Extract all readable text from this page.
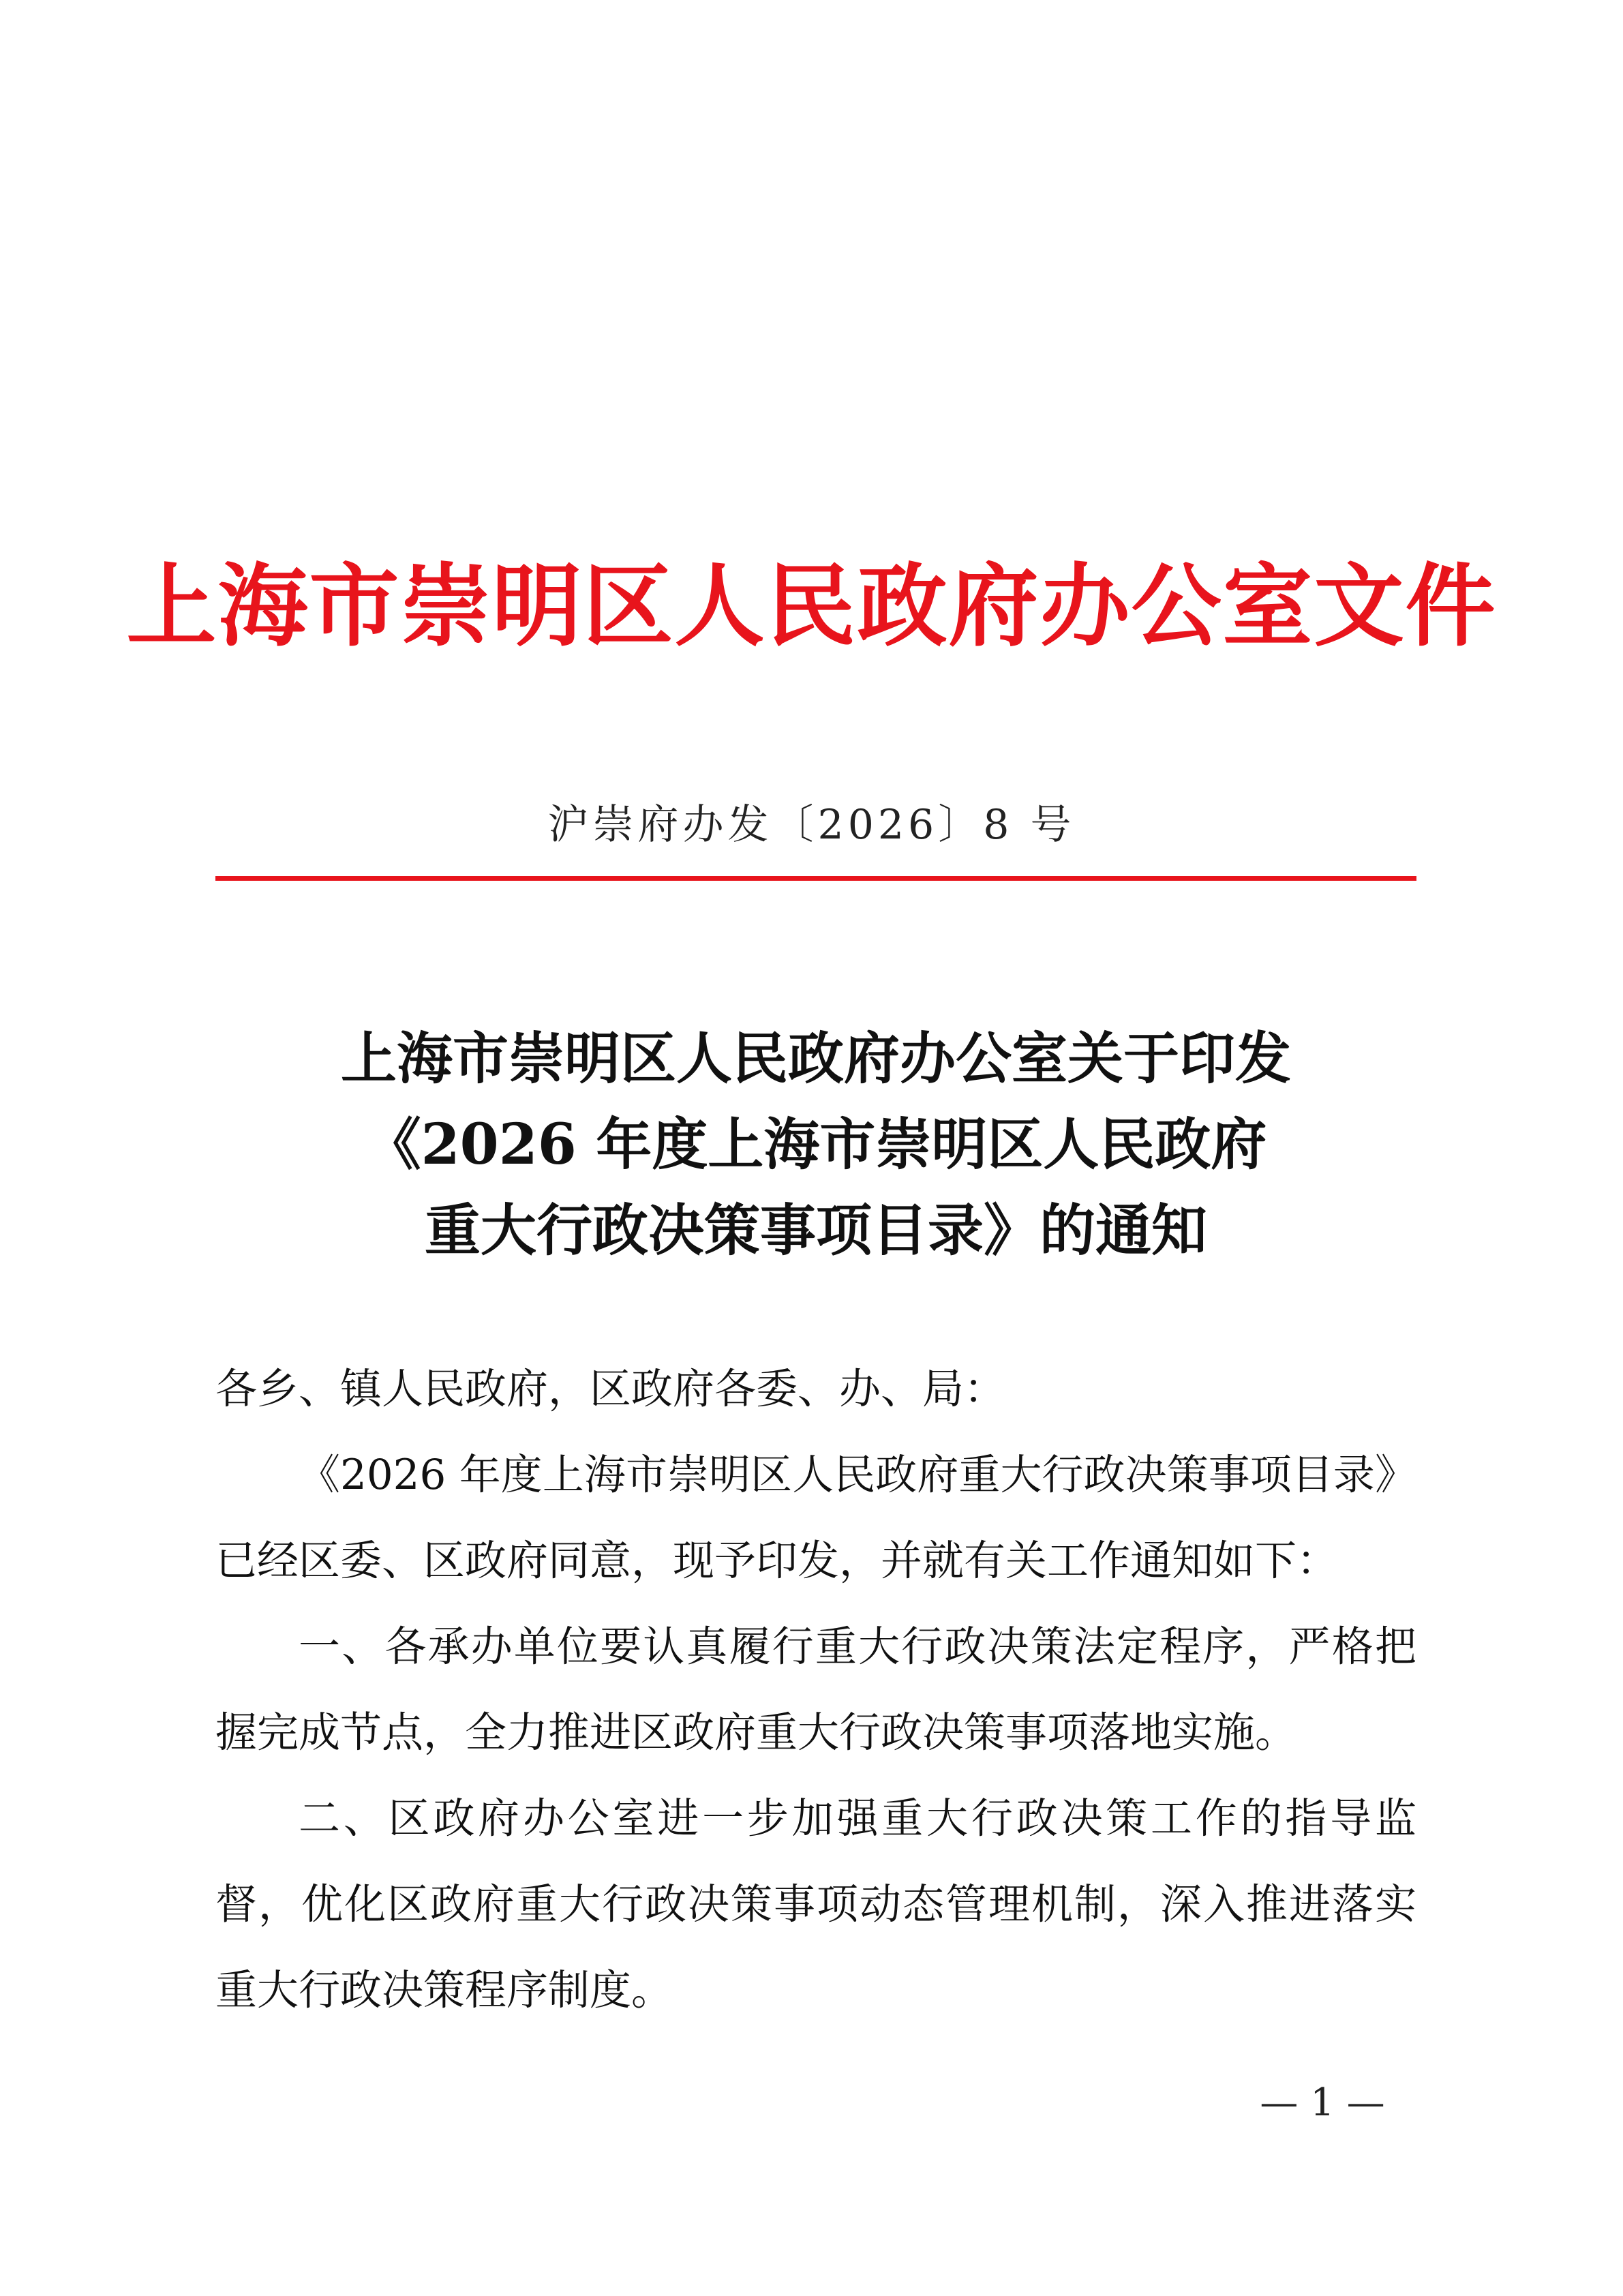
上海市崇明区人民政府办公室文件
沪崇府办发〔2026〕8 号
上海市崇明区人民政府办公室关于印发
《2026 年度上海市崇明区人民政府
重大行政决策事项目录》的通知

各乡、镇人民政府，区政府各委、办、局：

《2026 年度上海市崇明区人民政府重大行政决策事项目录》已经区委、区政府同意，现予印发，并就有关工作通知如下：

一、各承办单位要认真履行重大行政决策法定程序，严格把握完成节点，全力推进区政府重大行政决策事项落地实施。

二、区政府办公室进一步加强重大行政决策工作的指导监督，优化区政府重大行政决策事项动态管理机制，深入推进落实重大行政决策程序制度。

— 1 —
